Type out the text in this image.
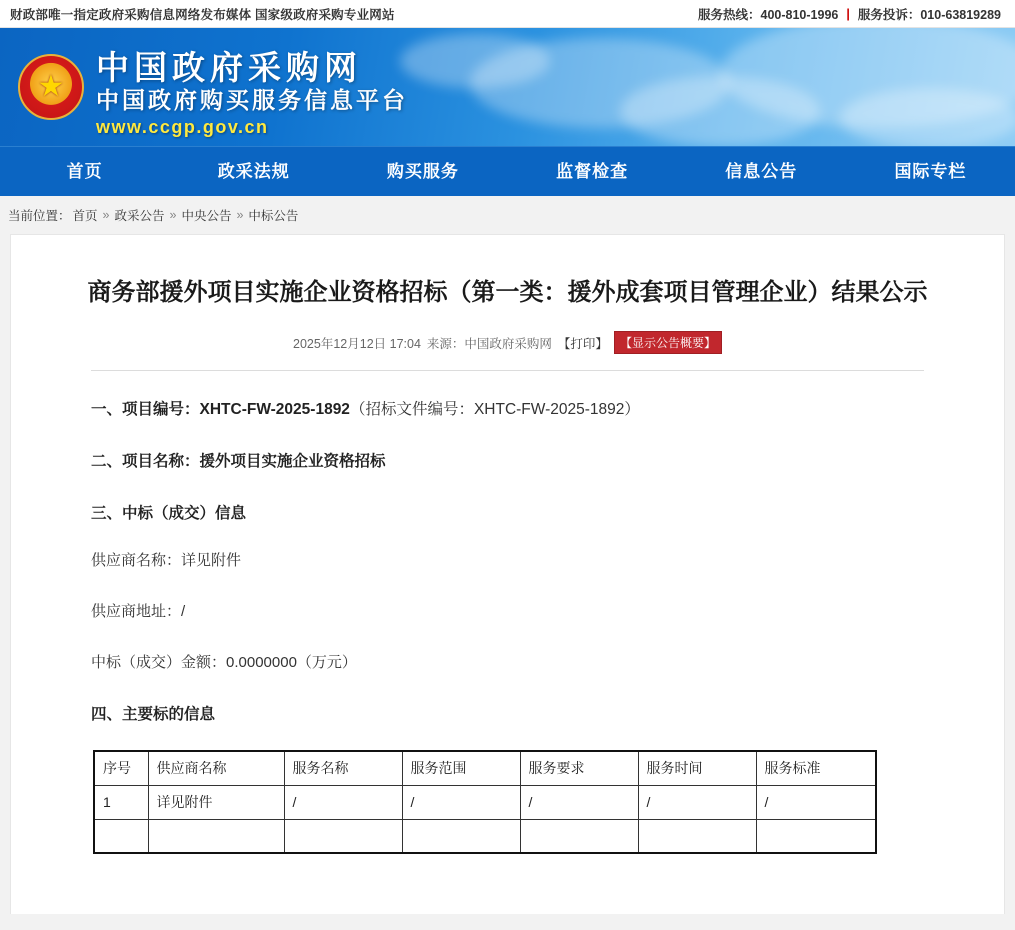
财政部唯一指定政府采购信息网络发布媒体 国家级政府采购专业网站	服务热线：400-810-1996 | 服务投诉：010-63819289
★
中国政府采购网
中国政府购买服务信息平台
www.ccgp.gov.cn
首页	政采法规	购买服务	监督检查	信息公告	国际专栏
当前位置： 首页 » 政采公告 » 中央公告 » 中标公告
商务部援外项目实施企业资格招标（第一类：援外成套项目管理企业）结果公示
2025年12月12日 17:04 来源：中国政府采购网 【打印】	【显示公告概要】

一、项目编号：XHTC-FW-2025-1892（招标文件编号：XHTC-FW-2025-1892）

二、项目名称：援外项目实施企业资格招标

三、中标（成交）信息

供应商名称：详见附件

供应商地址：/

中标（成交）金额：0.0000000（万元）

四、主要标的信息

序号	供应商名称	服务名称	服务范围	服务要求	服务时间	服务标准
1	详见附件	/	/	/	/	/
